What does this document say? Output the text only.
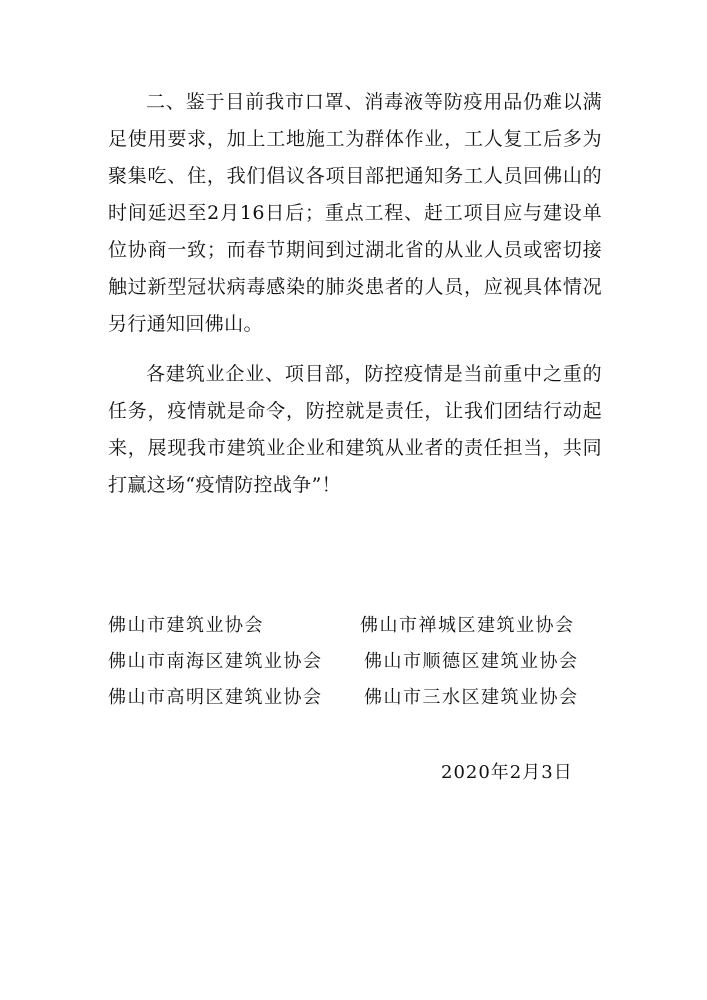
二、鉴于目前我市口罩、消毒液等防疫用品仍难以满足使用要求，加上工地施工为群体作业，工人复工后多为聚集吃、住，我们倡议各项目部把通知务工人员回佛山的时间延迟至2月16日后；重点工程、赶工项目应与建设单位协商一致；而春节期间到过湖北省的从业人员或密切接触过新型冠状病毒感染的肺炎患者的人员，应视具体情况另行通知回佛山。

各建筑业企业、项目部，防控疫情是当前重中之重的任务，疫情就是命令，防控就是责任，让我们团结行动起来，展现我市建筑业企业和建筑从业者的责任担当，共同打赢这场“疫情防控战争”！

佛山市建筑业协会	佛山市禅城区建筑业协会
佛山市南海区建筑业协会 佛山市顺德区建筑业协会
佛山市高明区建筑业协会 佛山市三水区建筑业协会
2020年2月3日
